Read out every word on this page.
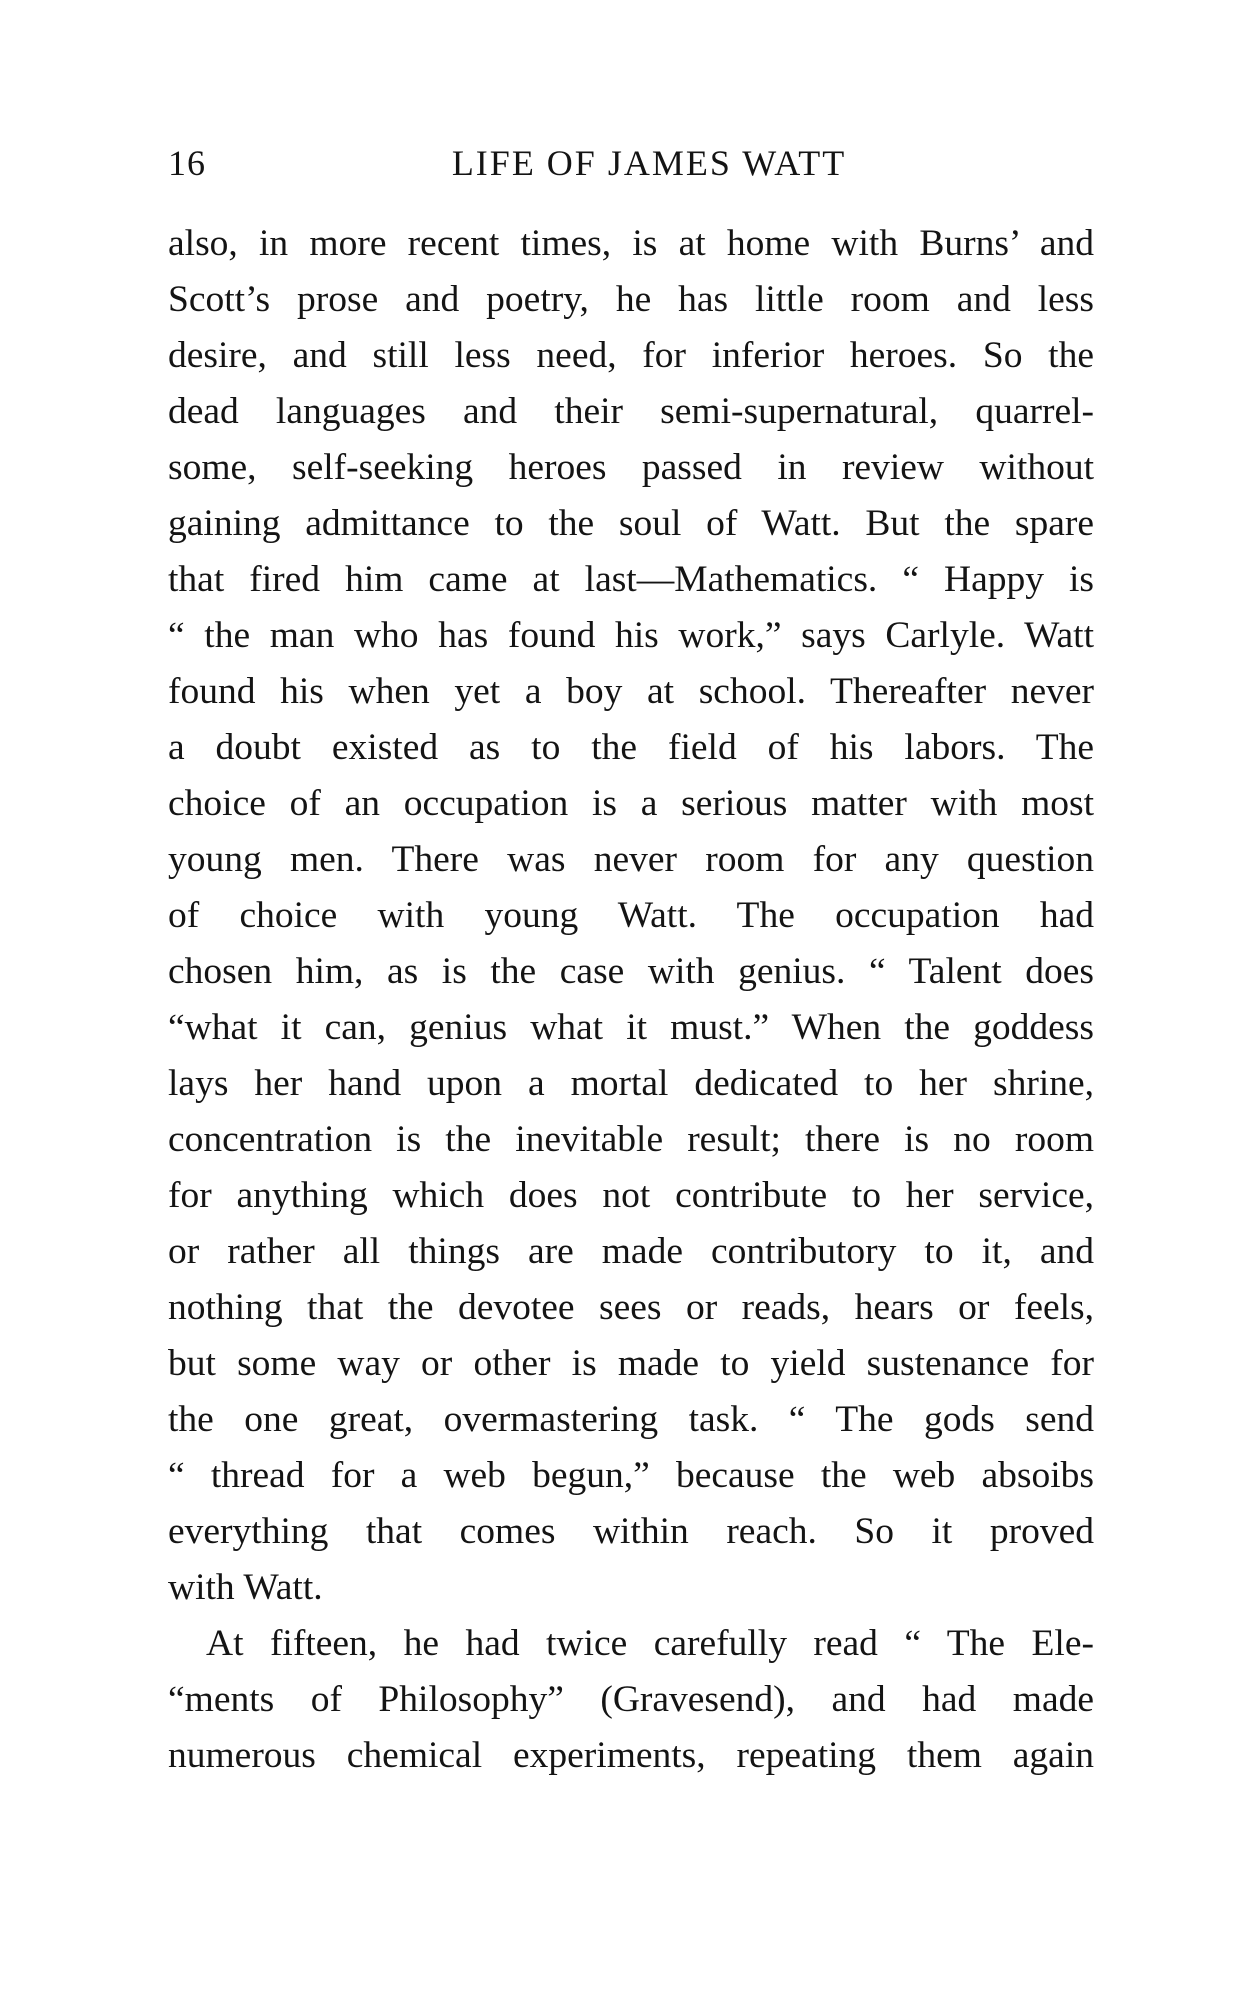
16	LIFE OF JAMES WATT
also, in more recent times, is at home with Burns’ and
Scott’s prose and poetry, he has little room and less
desire, and still less need, for inferior heroes. So the
dead languages and their semi-supernatural, quarrel-
some, self-seeking heroes passed in review without
gaining admittance to the soul of Watt. But the spare
that fired him came at last—Mathematics. “ Happy is
“ the man who has found his work,” says Carlyle. Watt
found his when yet a boy at school. Thereafter never
a doubt existed as to the field of his labors. The
choice of an occupation is a serious matter with most
young men. There was never room for any question
of choice with young Watt. The occupation had
chosen him, as is the case with genius. “ Talent does
“what it can, genius what it must.” When the goddess
lays her hand upon a mortal dedicated to her shrine,
concentration is the inevitable result; there is no room
for anything which does not contribute to her service,
or rather all things are made contributory to it, and
nothing that the devotee sees or reads, hears or feels,
but some way or other is made to yield sustenance for
the one great, overmastering task. “ The gods send
“ thread for a web begun,” because the web absoibs
everything that comes within reach. So it proved
with Watt.
At fifteen, he had twice carefully read “ The Ele-
“ments of Philosophy” (Gravesend), and had made
numerous chemical experiments, repeating them again
